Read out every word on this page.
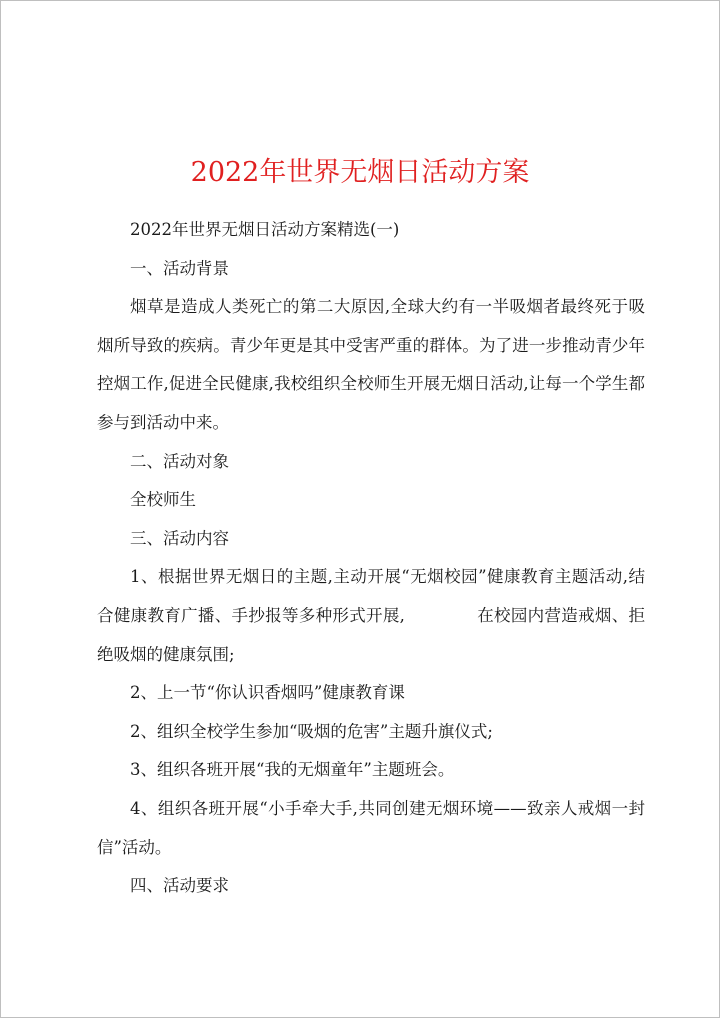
2022年世界无烟日活动方案

2022年世界无烟日活动方案精选(一)

一、活动背景

烟草是造成人类死亡的第二大原因,全球大约有一半吸烟者最终死于吸烟所导致的疾病。青少年更是其中受害严重的群体。为了进一步推动青少年控烟工作,促进全民健康,我校组织全校师生开展无烟日活动,让每一个学生都参与到活动中来。

二、活动对象

全校师生

三、活动内容

1、根据世界无烟日的主题,主动开展“无烟校园”健康教育主题活动,结合健康教育广播、手抄报等多种形式开展,	在校园内营造戒烟、拒绝吸烟的健康氛围;

2、上一节“你认识香烟吗”健康教育课

2、组织全校学生参加“吸烟的危害”主题升旗仪式;

3、组织各班开展“我的无烟童年”主题班会。

4、组织各班开展“小手牵大手,共同创建无烟环境——致亲人戒烟一封信”活动。

四、活动要求
